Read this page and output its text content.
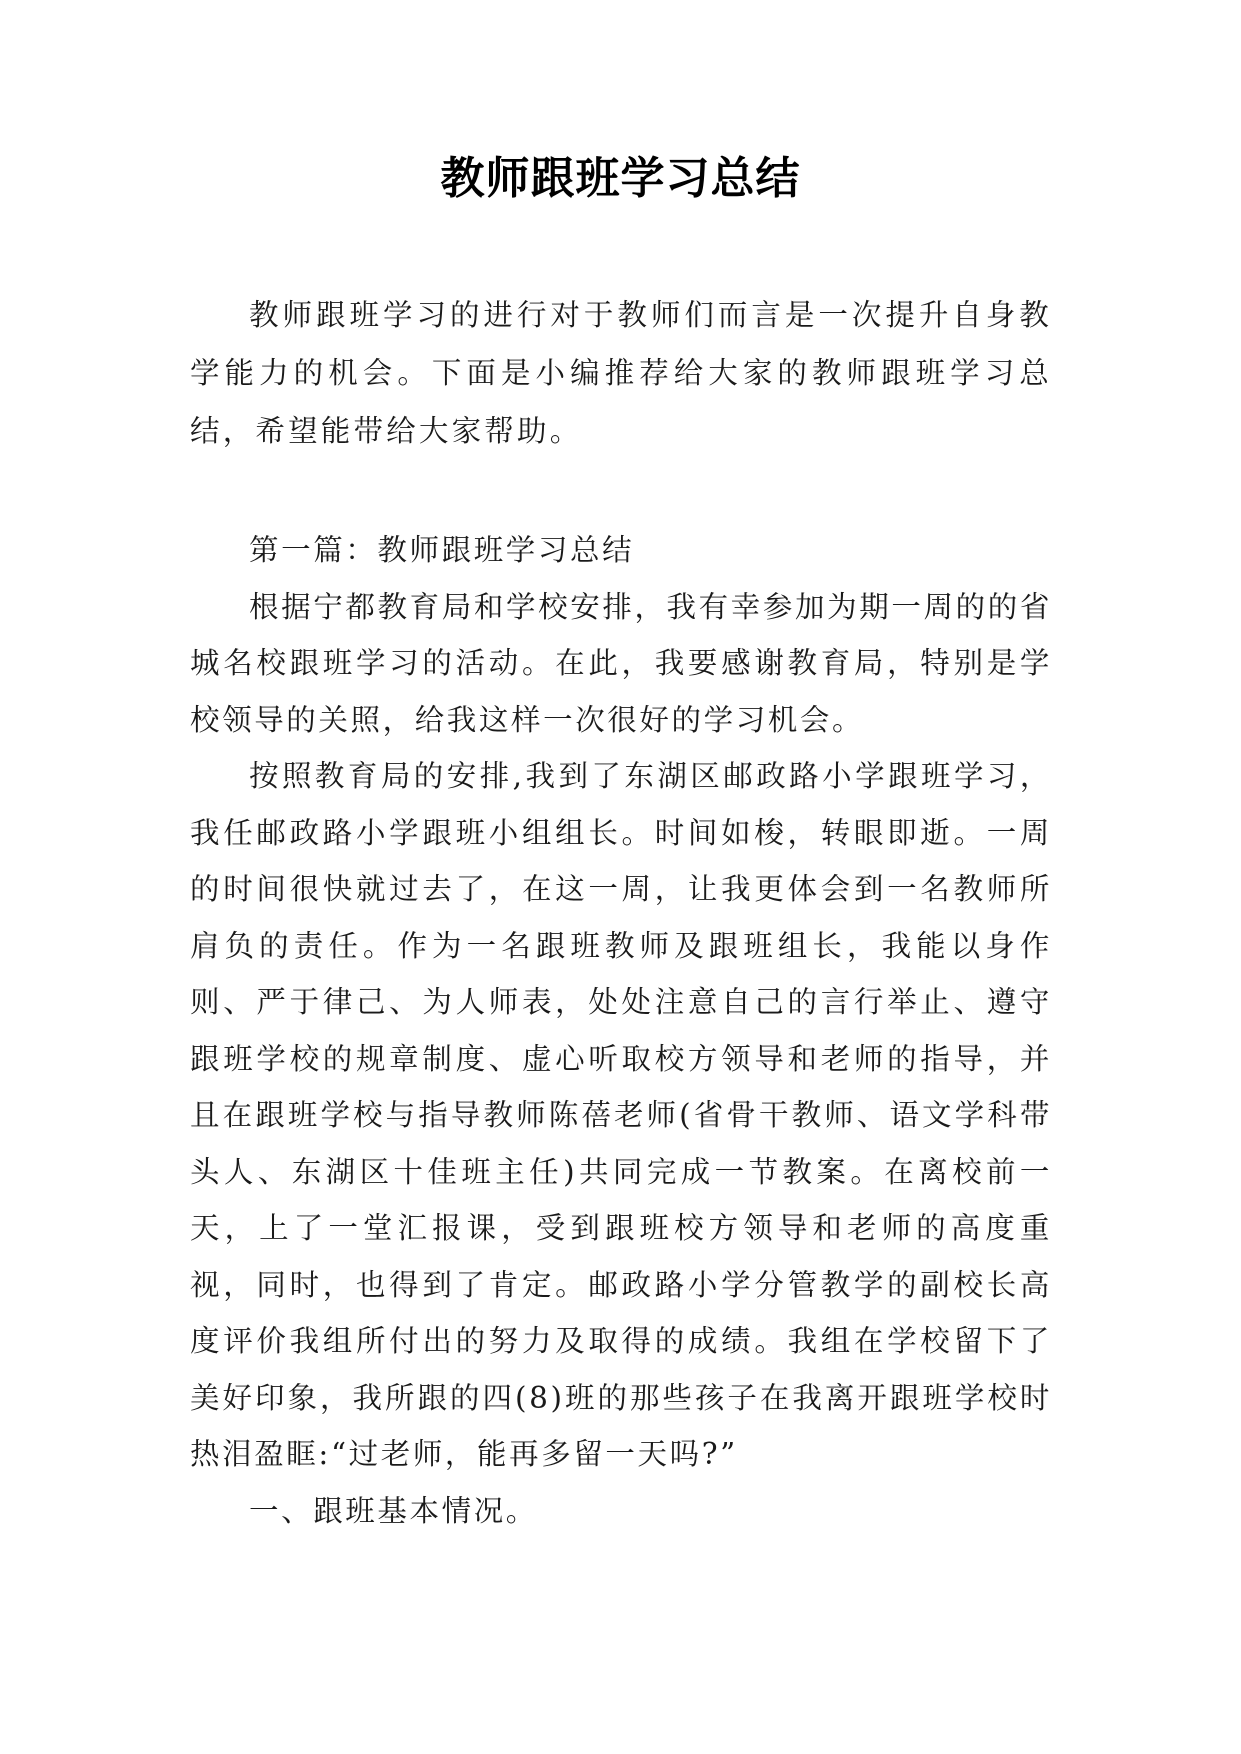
教师跟班学习总结

教师跟班学习的进行对于教师们而言是一次提升自身教学能力的机会。下面是小编推荐给大家的教师跟班学习总结，希望能带给大家帮助。

第一篇：教师跟班学习总结

根据宁都教育局和学校安排，我有幸参加为期一周的的省城名校跟班学习的活动。在此，我要感谢教育局，特别是学校领导的关照，给我这样一次很好的学习机会。

按照教育局的安排,我到了东湖区邮政路小学跟班学习，我任邮政路小学跟班小组组长。时间如梭，转眼即逝。一周的时间很快就过去了，在这一周，让我更体会到一名教师所肩负的责任。作为一名跟班教师及跟班组长，我能以身作则、严于律己、为人师表，处处注意自己的言行举止、遵守跟班学校的规章制度、虚心听取校方领导和老师的指导，并且在跟班学校与指导教师陈蓓老师(省骨干教师、语文学科带头人、东湖区十佳班主任)共同完成一节教案。在离校前一天，上了一堂汇报课，受到跟班校方领导和老师的高度重视，同时，也得到了肯定。邮政路小学分管教学的副校长高度评价我组所付出的努力及取得的成绩。我组在学校留下了美好印象，我所跟的四(8)班的那些孩子在我离开跟班学校时热泪盈眶:“过老师，能再多留一天吗?”

一、跟班基本情况。
